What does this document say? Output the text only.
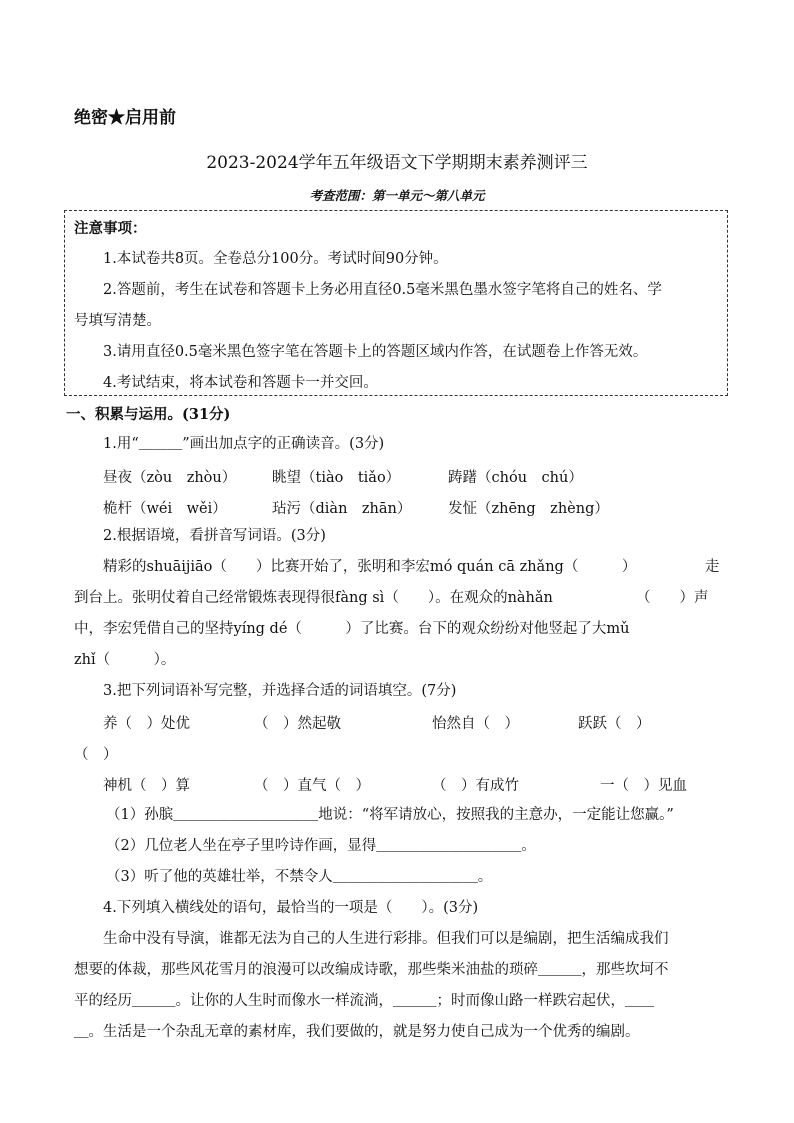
绝密★启用前
2023-2024学年五年级语文下学期期末素养测评三
考查范围：第一单元～第八单元
注意事项：
1.本试卷共8页。全卷总分100分。考试时间90分钟。
2.答题前，考生在试卷和答题卡上务必用直径0.5毫米黑色墨水签字笔将自己的姓名、学
号填写清楚。
3.请用直径0.5毫米黑色签字笔在答题卡上的答题区域内作答，在试题卷上作答无效。
4.考试结束，将本试卷和答题卡一并交回。
一、积累与运用。(31分)
1.用“＿＿＿”画出加点字的正确读音。(3分)
昼夜（zòu　zhòu） 眺望（tiào　tiǎo）	踌躇（chóu　chú）
桅杆（wéi　wěi）	玷污（diàn　zhān）	发怔（zhēng　zhèng）
2.根据语境，看拼音写词语。(3分)
精彩的shuāijiāo（　　）比赛开始了，张明和李宏mó quán cā zhǎng（　　　）	走
到台上。张明仗着自己经常锻炼表现得很fàng sì（　　）。在观众的nàhǎn	（　　）声
中，李宏凭借自己的坚持yíng dé（　　　）了比赛。台下的观众纷纷对他竖起了大mǔ
zhǐ（　　　）。
3.把下列词语补写完整，并选择合适的词语填空。(7分)
养（　）处优	（　）然起敬	怡然自（　）	跃跃（　）
（　）
神机（　）算	（　）直气（　）	（　）有成竹	一（　）见血
（1）孙膑＿＿＿＿＿＿＿＿＿＿地说：“将军请放心，按照我的主意办，一定能让您赢。”
（2）几位老人坐在亭子里吟诗作画，显得＿＿＿＿＿＿＿＿＿＿。
（3）听了他的英雄壮举，不禁令人＿＿＿＿＿＿＿＿＿＿。
4.下列填入横线处的语句，最恰当的一项是（　　）。(3分)
生命中没有导演，谁都无法为自己的人生进行彩排。但我们可以是编剧，把生活编成我们
想要的体裁，那些风花雪月的浪漫可以改编成诗歌，那些柴米油盐的琐碎＿＿＿，那些坎坷不
平的经历＿＿＿。让你的人生时而像水一样流淌，＿＿＿；时而像山路一样跌宕起伏，＿＿
＿。生活是一个杂乱无章的素材库，我们要做的，就是努力使自己成为一个优秀的编剧。
